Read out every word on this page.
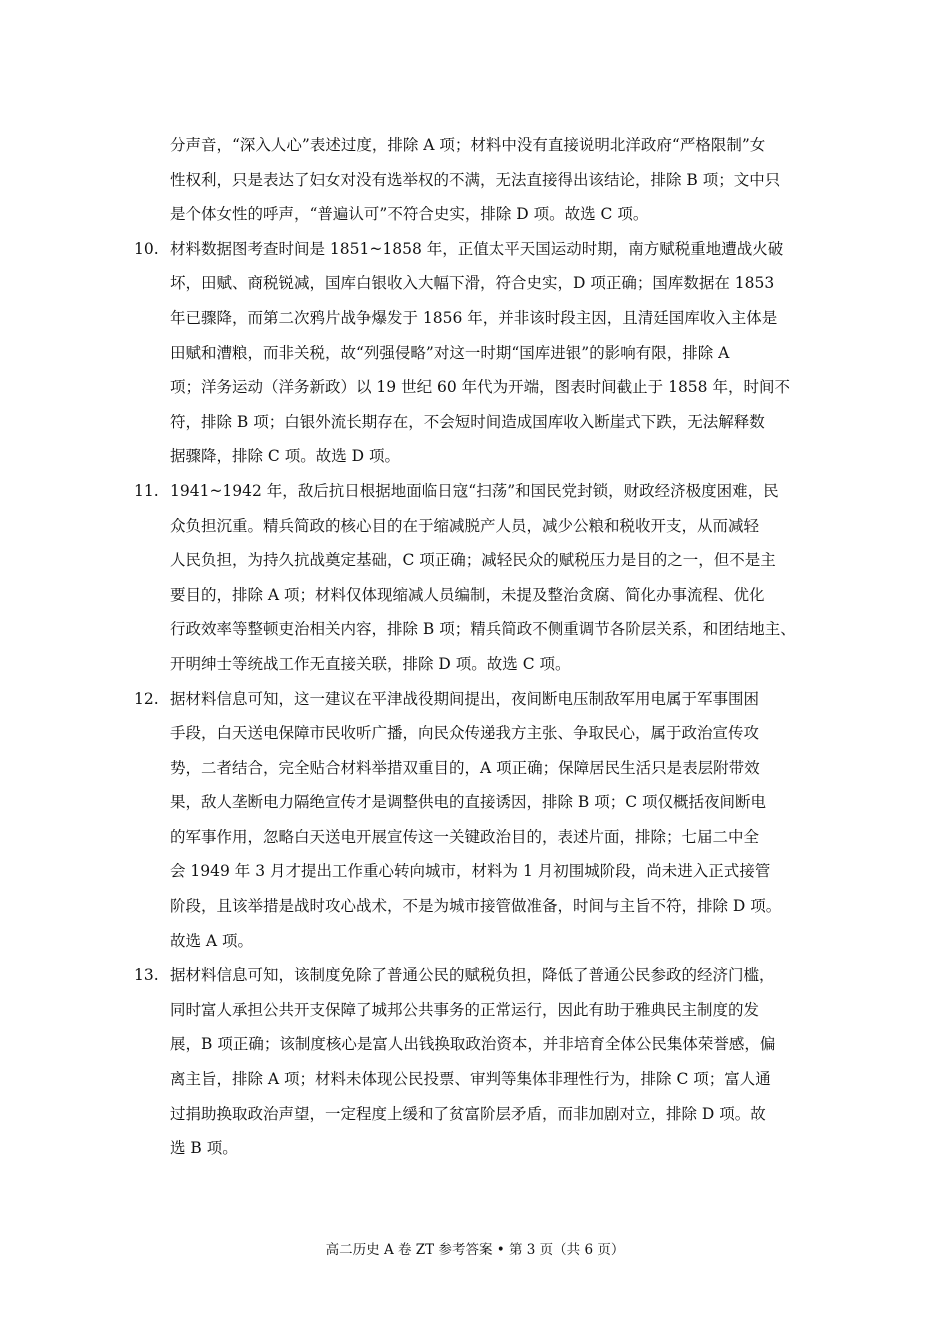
分声音，“深入人心”表述过度，排除 A 项；材料中没有直接说明北洋政府“严格限制”女
性权利，只是表达了妇女对没有选举权的不满，无法直接得出该结论，排除 B 项；文中只
是个体女性的呼声，“普遍认可”不符合史实，排除 D 项。故选 C 项。
10. 材料数据图考查时间是 1851~1858 年，正值太平天国运动时期，南方赋税重地遭战火破
坏，田赋、商税锐减，国库白银收入大幅下滑，符合史实，D 项正确；国库数据在 1853
年已骤降，而第二次鸦片战争爆发于 1856 年，并非该时段主因，且清廷国库收入主体是
田赋和漕粮，而非关税，故“列强侵略”对这一时期“国库进银”的影响有限，排除 A
项；洋务运动（洋务新政）以 19 世纪 60 年代为开端，图表时间截止于 1858 年，时间不
符，排除 B 项；白银外流长期存在，不会短时间造成国库收入断崖式下跌，无法解释数
据骤降，排除 C 项。故选 D 项。
11. 1941~1942 年，敌后抗日根据地面临日寇“扫荡”和国民党封锁，财政经济极度困难，民
众负担沉重。精兵简政的核心目的在于缩减脱产人员，减少公粮和税收开支，从而减轻
人民负担，为持久抗战奠定基础，C 项正确；减轻民众的赋税压力是目的之一，但不是主
要目的，排除 A 项；材料仅体现缩减人员编制，未提及整治贪腐、简化办事流程、优化
行政效率等整顿吏治相关内容，排除 B 项；精兵简政不侧重调节各阶层关系，和团结地主、
开明绅士等统战工作无直接关联，排除 D 项。故选 C 项。
12. 据材料信息可知，这一建议在平津战役期间提出，夜间断电压制敌军用电属于军事围困
手段，白天送电保障市民收听广播，向民众传递我方主张、争取民心，属于政治宣传攻
势，二者结合，完全贴合材料举措双重目的，A 项正确；保障居民生活只是表层附带效
果，敌人垄断电力隔绝宣传才是调整供电的直接诱因，排除 B 项；C 项仅概括夜间断电
的军事作用，忽略白天送电开展宣传这一关键政治目的，表述片面，排除；七届二中全
会 1949 年 3 月才提出工作重心转向城市，材料为 1 月初围城阶段，尚未进入正式接管
阶段，且该举措是战时攻心战术，不是为城市接管做准备，时间与主旨不符，排除 D 项。
故选 A 项。
13. 据材料信息可知，该制度免除了普通公民的赋税负担，降低了普通公民参政的经济门槛，
同时富人承担公共开支保障了城邦公共事务的正常运行，因此有助于雅典民主制度的发
展，B 项正确；该制度核心是富人出钱换取政治资本，并非培育全体公民集体荣誉感，偏
离主旨，排除 A 项；材料未体现公民投票、审判等集体非理性行为，排除 C 项；富人通
过捐助换取政治声望，一定程度上缓和了贫富阶层矛盾，而非加剧对立，排除 D 项。故
选 B 项。
高二历史 A 卷 ZT 参考答案 • 第 3 页（共 6 页）
